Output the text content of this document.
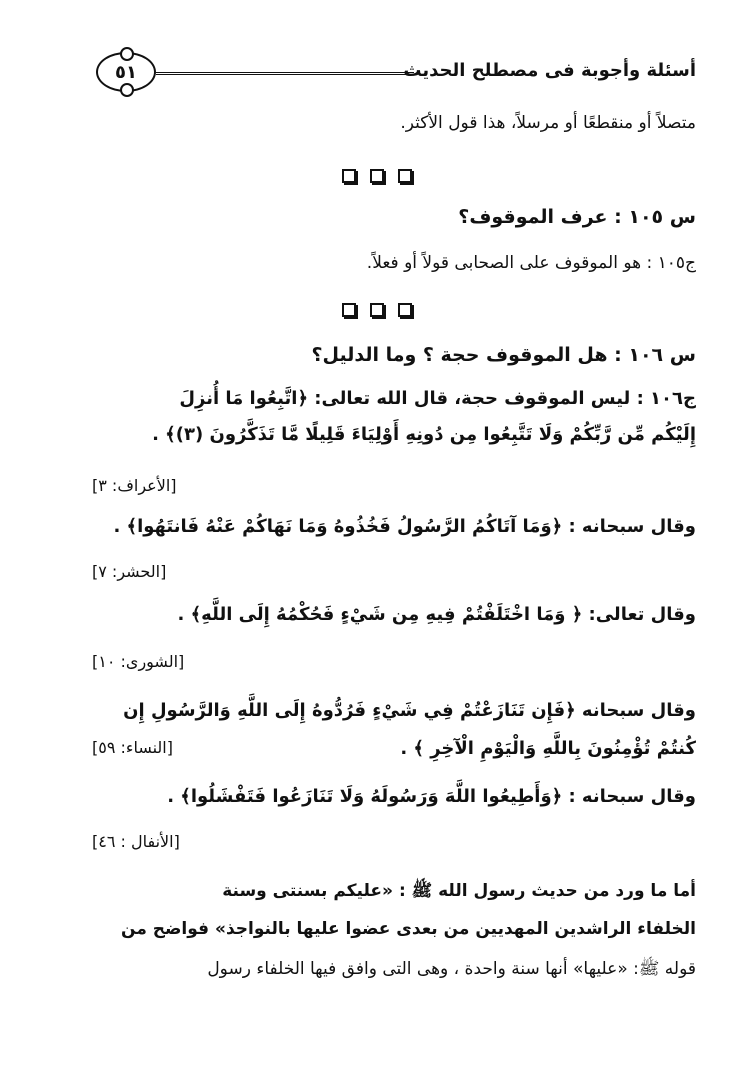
أسئلة وأجوبة فى مصطلح الحديث
٥١
متصلاً أو منقطعًا أو مرسلاً، هذا قول الأكثر.
س ١٠٥ : عرف الموقوف؟
ج١٠٥ : هو الموقوف على الصحابى قولاً أو فعلاً.
س ١٠٦ : هل الموقوف حجة ؟ وما الدليل؟
ج١٠٦ : ليس الموقوف حجة، قال الله تعالى: ﴿اتَّبِعُوا مَا أُنزِلَ
إِلَيْكُم مِّن رَّبِّكُمْ وَلَا تَتَّبِعُوا مِن دُونِهِ أَوْلِيَاءَ قَلِيلًا مَّا تَذَكَّرُونَ (٣)﴾ .
[الأعراف: ٣]
وقال سبحانه : ﴿وَمَا آتَاكُمُ الرَّسُولُ فَخُذُوهُ وَمَا نَهَاكُمْ عَنْهُ فَانتَهُوا﴾ .
[الحشر: ٧]
وقال تعالى: ﴿ وَمَا اخْتَلَفْتُمْ فِيهِ مِن شَيْءٍ فَحُكْمُهُ إِلَى اللَّهِ﴾ .
[الشورى: ١٠]
وقال سبحانه ﴿فَإِن تَنَازَعْتُمْ فِي شَيْءٍ فَرُدُّوهُ إِلَى اللَّهِ وَالرَّسُولِ إِن
كُنتُمْ تُؤْمِنُونَ بِاللَّهِ وَالْيَوْمِ الْآخِرِ ﴾ .
[النساء: ٥٩]
وقال سبحانه : ﴿وَأَطِيعُوا اللَّهَ وَرَسُولَهُ وَلَا تَنَازَعُوا فَتَفْشَلُوا﴾ .
[الأنفال : ٤٦]
أما ما ورد من حديث رسول الله ﷺ : «عليكم بسنتى وسنة
الخلفاء الراشدين المهديين من بعدى عضوا عليها بالنواجذ» فواضح من
قوله ﷺ: «عليها» أنها سنة واحدة ، وهى التى وافق فيها الخلفاء رسول
